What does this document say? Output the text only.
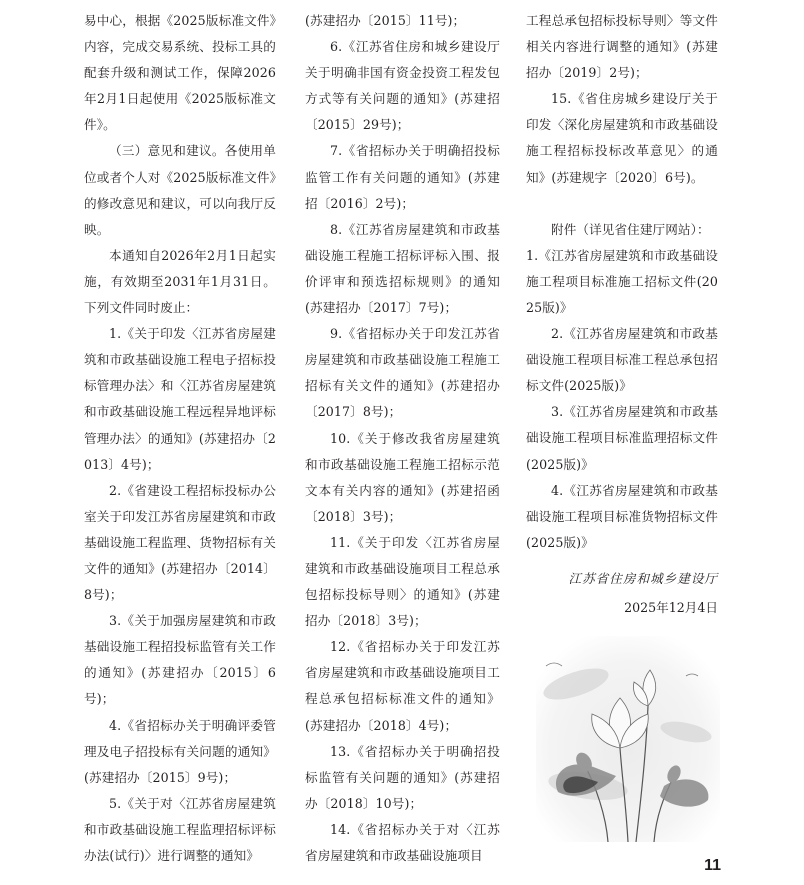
易中心，根据《2025版标准文件》内容，完成交易系统、投标工具的配套升级和测试工作，保障2026年2月1日起使用《2025版标准文件》。

（三）意见和建议。各使用单位或者个人对《2025版标准文件》的修改意见和建议，可以向我厅反映。

本通知自2026年2月1日起实施，有效期至2031年1月31日。下列文件同时废止：

1.《关于印发〈江苏省房屋建筑和市政基础设施工程电子招标投标管理办法〉和〈江苏省房屋建筑和市政基础设施工程远程异地评标管理办法〉的通知》(苏建招办〔2013〕4号)；

2.《省建设工程招标投标办公室关于印发江苏省房屋建筑和市政基础设施工程监理、货物招标有关文件的通知》(苏建招办〔2014〕8号)；

3.《关于加强房屋建筑和市政基础设施工程招投标监管有关工作的通知》(苏建招办〔2015〕6号)；

4.《省招标办关于明确评委管理及电子招投标有关问题的通知》(苏建招办〔2015〕9号)；

5.《关于对〈江苏省房屋建筑和市政基础设施工程监理招标评标办法(试行)〉进行调整的通知》

(苏建招办〔2015〕11号)；

6.《江苏省住房和城乡建设厅关于明确非国有资金投资工程发包方式等有关问题的通知》(苏建招〔2015〕29号)；

7.《省招标办关于明确招投标监管工作有关问题的通知》(苏建招〔2016〕2号)；

8.《江苏省房屋建筑和市政基础设施工程施工招标评标入围、报价评审和预选招标规则》的通知(苏建招办〔2017〕7号)；

9.《省招标办关于印发江苏省房屋建筑和市政基础设施工程施工招标有关文件的通知》(苏建招办〔2017〕8号)；

10.《关于修改我省房屋建筑和市政基础设施工程施工招标示范文本有关内容的通知》(苏建招函〔2018〕3号)；

11.《关于印发〈江苏省房屋建筑和市政基础设施项目工程总承包招标投标导则〉的通知》(苏建招办〔2018〕3号)；

12.《省招标办关于印发江苏省房屋建筑和市政基础设施项目工程总承包招标标准文件的通知》(苏建招办〔2018〕4号)；

13.《省招标办关于明确招投标监管有关问题的通知》(苏建招办〔2018〕10号)；

14.《省招标办关于对〈江苏省房屋建筑和市政基础设施项目

工程总承包招标投标导则〉等文件相关内容进行调整的通知》(苏建招办〔2019〕2号)；

15.《省住房城乡建设厅关于印发〈深化房屋建筑和市政基础设施工程招标投标改革意见〉的通知》(苏建规字〔2020〕6号)。

附件（详见省住建厅网站）：

1.《江苏省房屋建筑和市政基础设施工程项目标准施工招标文件(2025版)》

2.《江苏省房屋建筑和市政基础设施工程项目标准工程总承包招标文件(2025版)》

3.《江苏省房屋建筑和市政基础设施工程项目标准监理招标文件(2025版)》

4.《江苏省房屋建筑和市政基础设施工程项目标准货物招标文件(2025版)》

江苏省住房和城乡建设厅
2025年12月4日
11
